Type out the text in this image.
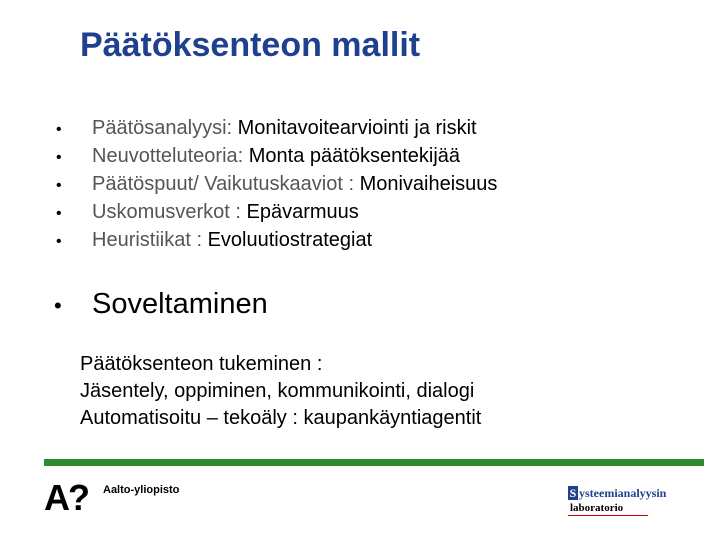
Päätöksenteon mallit
•	Päätösanalyysi: Monitavoitearviointi ja riskit
•	Neuvotteluteoria: Monta päätöksentekijää
•	Päätöspuut/ Vaikutuskaaviot : Monivaiheisuus
•	Uskomusverkot : Epävarmuus
•	Heuristiikat : Evoluutiostrategiat
•	Soveltaminen
Päätöksenteon tukeminen :
Jäsentely, oppiminen, kommunikointi, dialogi
Automatisoitu – tekoäly : kaupankäyntiagentit
A? Aalto-yliopisto	S ysteemianalyysin
laboratorio
